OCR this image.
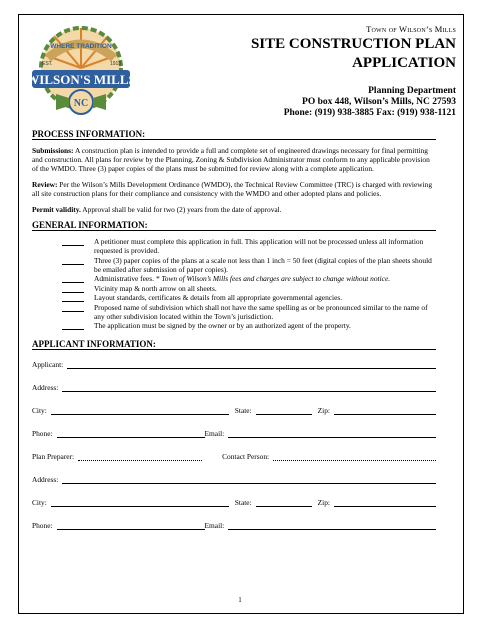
WHERE TRADITION
WILSON'S MILLS
EST.	1913
NC
Town of Wilson’s Mills
SITE CONSTRUCTION PLAN
APPLICATION
Planning Department
PO box 448, Wilson’s Mills, NC 27593
Phone: (919) 938-3885 Fax: (919) 938-1121
PROCESS INFORMATION:

Submissions: A construction plan is intended to provide a full and complete set of engineered drawings necessary for final permitting and construction. All plans for review by the Planning, Zoning & Subdivision Administrator must conform to any applicable provision of the WMDO. Three (3) paper copies of the plans must be submitted for review along with a complete application.

Review: Per the Wilson’s Mills Development Ordinance (WMDO), the Technical Review Committee (TRC) is charged with reviewing all site construction plans for their compliance and consistency with the WMDO and other adopted plans and policies.

Permit validity. Approval shall be valid for two (2) years from the date of approval.

GENERAL INFORMATION:
A petitioner must complete this application in full. This application will not be processed unless all information requested is provided.
Three (3) paper copies of the plans at a scale not less than 1 inch = 50 feet (digital copies of the plan sheets should be emailed after submission of paper copies).
Administrative fees. * Town of Wilson’s Mills fees and charges are subject to change without notice.
Vicinity map & north arrow on all sheets.
Layout standards, certificates & details from all appropriate governmental agencies.
Proposed name of subdivision which shall not have the same spelling as or be pronounced similar to the name of any other subdivision located within the Town’s jurisdiction.
The application must be signed by the owner or by an authorized agent of the property.
APPLICANT INFORMATION:
Applicant:
Address:
City:	State:	Zip:
Phone:	Email:
Plan Preparer:	Contact Person:
Address:
City:	State:	Zip:
Phone:	Email:
1
